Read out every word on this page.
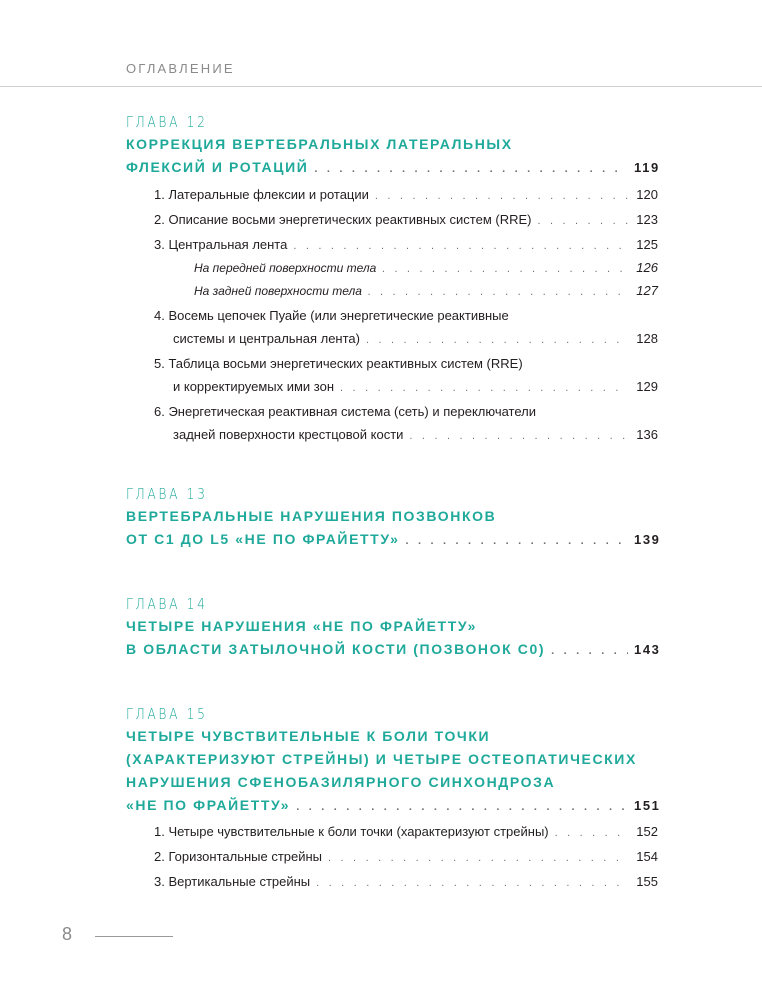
ОГЛАВЛЕНИЕ
ГЛАВА 12
КОРРЕКЦИЯ ВЕРТЕБРАЛЬНЫХ ЛАТЕРАЛЬНЫХ
ФЛЕКСИЙ И РОТАЦИЙ . . .	119
1. Латеральные флексии и ротации . . .	120
2. Описание восьми энергетических реактивных систем (RRE) . . .	123
3. Центральная лента . . .	125
На передней поверхности тела . . .	126
На задней поверхности тела . . .	127
4. Восемь цепочек Пуайе (или энергетические реактивные
системы и центральная лента) . . .	128
5. Таблица восьми энергетических реактивных систем (RRE)
и корректируемых ими зон . . .	129
6. Энергетическая реактивная система (сеть) и переключатели
задней поверхности крестцовой кости . . .	136
ГЛАВА 13
ВЕРТЕБРАЛЬНЫЕ НАРУШЕНИЯ ПОЗВОНКОВ
ОТ C1 ДО L5 «НЕ ПО ФРАЙЕТТУ» . . .	139
ГЛАВА 14
ЧЕТЫРЕ НАРУШЕНИЯ «НЕ ПО ФРАЙЕТТУ»
В ОБЛАСТИ ЗАТЫЛОЧНОЙ КОСТИ (ПОЗВОНОК C0) . . .	143
ГЛАВА 15
ЧЕТЫРЕ ЧУВСТВИТЕЛЬНЫЕ К БОЛИ ТОЧКИ
(ХАРАКТЕРИЗУЮТ СТРЕЙНЫ) И ЧЕТЫРЕ ОСТЕОПАТИЧЕСКИХ
НАРУШЕНИЯ СФЕНОБАЗИЛЯРНОГО СИНХОНДРОЗА
«НЕ ПО ФРАЙЕТТУ» . . .	151
1. Четыре чувствительные к боли точки (характеризуют стрейны) . . .	152
2. Горизонтальные стрейны . . .	154
3. Вертикальные стрейны . . .	155
8
